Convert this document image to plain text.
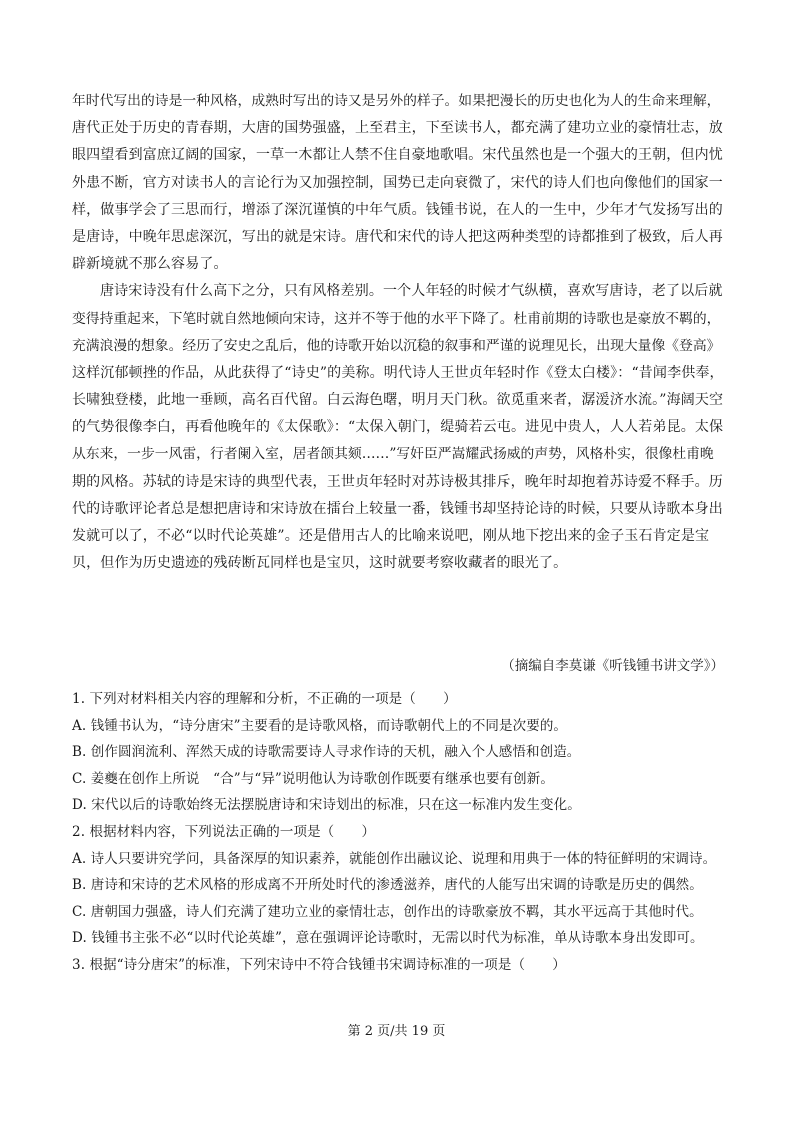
年时代写出的诗是一种风格，成熟时写出的诗又是另外的样子。如果把漫长的历史也化为人的生命来理解，
唐代正处于历史的青春期，大唐的国势强盛，上至君主，下至读书人，都充满了建功立业的豪情壮志，放
眼四望看到富庶辽阔的国家，一草一木都让人禁不住自豪地歌唱。宋代虽然也是一个强大的王朝，但内忧
外患不断，官方对读书人的言论行为又加强控制，国势已走向衰微了，宋代的诗人们也向像他们的国家一
样，做事学会了三思而行，增添了深沉谨慎的中年气质。钱锺书说，在人的一生中，少年才气发扬写出的
是唐诗，中晚年思虑深沉，写出的就是宋诗。唐代和宋代的诗人把这两种类型的诗都推到了极致，后人再
辟新境就不那么容易了。
唐诗宋诗没有什么高下之分，只有风格差别。一个人年轻的时候才气纵横，喜欢写唐诗，老了以后就
变得持重起来，下笔时就自然地倾向宋诗，这并不等于他的水平下降了。杜甫前期的诗歌也是豪放不羁的，
充满浪漫的想象。经历了安史之乱后，他的诗歌开始以沉稳的叙事和严谨的说理见长，出现大量像《登高》
这样沉郁顿挫的作品，从此获得了“诗史”的美称。明代诗人王世贞年轻时作《登太白楼》：“昔闻李供奉，
长啸独登楼，此地一垂顾，高名百代留。白云海色曙，明月天门秋。欲觅重来者，潺湲济水流。”海阔天空
的气势很像李白，再看他晚年的《太保歌》：“太保入朝门，缇骑若云屯。进见中贵人，人人若弟昆。太保
从东来，一步一风雷，行者阑入室，居者颌其颏……”写奸臣严嵩耀武扬威的声势，风格朴实，很像杜甫晚
期的风格。苏轼的诗是宋诗的典型代表，王世贞年轻时对苏诗极其排斥，晚年时却抱着苏诗爱不释手。历
代的诗歌评论者总是想把唐诗和宋诗放在擂台上较量一番，钱锺书却坚持论诗的时候，只要从诗歌本身出
发就可以了，不必“以时代论英雄”。还是借用古人的比喻来说吧，刚从地下挖出来的金子玉石肯定是宝
贝，但作为历史遗迹的残砖断瓦同样也是宝贝，这时就要考察收藏者的眼光了。
（摘编自李莫谦《听钱锺书讲文学》）
1. 下列对材料相关内容的理解和分析，不正确的一项是（　　）
A. 钱锺书认为，“诗分唐宋”主要看的是诗歌风格，而诗歌朝代上的不同是次要的。
B. 创作圆润流利、浑然天成的诗歌需要诗人寻求作诗的天机，融入个人感悟和创造。
C. 姜夔在创作上所说　“合”与“异”说明他认为诗歌创作既要有继承也要有创新。
D. 宋代以后的诗歌始终无法摆脱唐诗和宋诗划出的标准，只在这一标准内发生变化。
2. 根据材料内容，下列说法正确的一项是（　　）
A. 诗人只要讲究学问，具备深厚的知识素养，就能创作出融议论、说理和用典于一体的特征鲜明的宋调诗。
B. 唐诗和宋诗的艺术风格的形成离不开所处时代的渗透滋养，唐代的人能写出宋调的诗歌是历史的偶然。
C. 唐朝国力强盛，诗人们充满了建功立业的豪情壮志，创作出的诗歌豪放不羁，其水平远高于其他时代。
D. 钱锺书主张不必“以时代论英雄”，意在强调评论诗歌时，无需以时代为标准，单从诗歌本身出发即可。
3. 根据“诗分唐宋”的标准，下列宋诗中不符合钱锺书宋调诗标准的一项是（　　）
第 2 页/共 19 页
